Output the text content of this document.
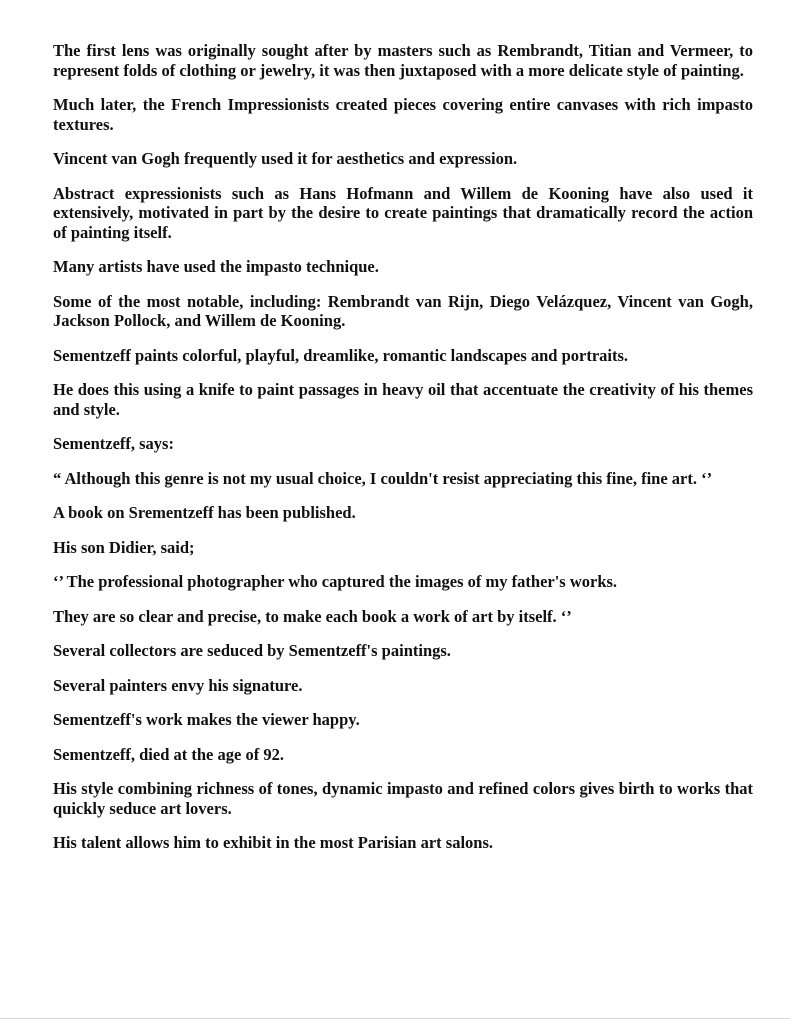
The first lens was originally sought after by masters such as Rembrandt, Titian and Vermeer, to represent folds of clothing or jewelry, it was then juxtaposed with a more delicate style of painting.

Much later, the French Impressionists created pieces covering entire canvases with rich impasto textures.

Vincent van Gogh frequently used it for aesthetics and expression.

Abstract expressionists such as Hans Hofmann and Willem de Kooning have also used it extensively, motivated in part by the desire to create paintings that dramatically record the action of painting itself.

Many artists have used the impasto technique.

Some of the most notable, including: Rembrandt van Rijn, Diego Velázquez, Vincent van Gogh, Jackson Pollock, and Willem de Kooning.

Sementzeff paints colorful, playful, dreamlike, romantic landscapes and portraits.

He does this using a knife to paint passages in heavy oil that accentuate the creativity of his themes and style.

Sementzeff, says:

“ Although this genre is not my usual choice, I couldn't resist appreciating this fine, fine art. ‘’

A book on Srementzeff has been published.

His son Didier, said;

‘’ The professional photographer who captured the images of my father's works.

They are so clear and precise, to make each book a work of art by itself. ‘’

Several collectors are seduced by Sementzeff's paintings.

Several painters envy his signature.

Sementzeff's work makes the viewer happy.

Sementzeff, died at the age of 92.

His style combining richness of tones, dynamic impasto and refined colors gives birth to works that quickly seduce art lovers.

His talent allows him to exhibit in the most Parisian art salons.
